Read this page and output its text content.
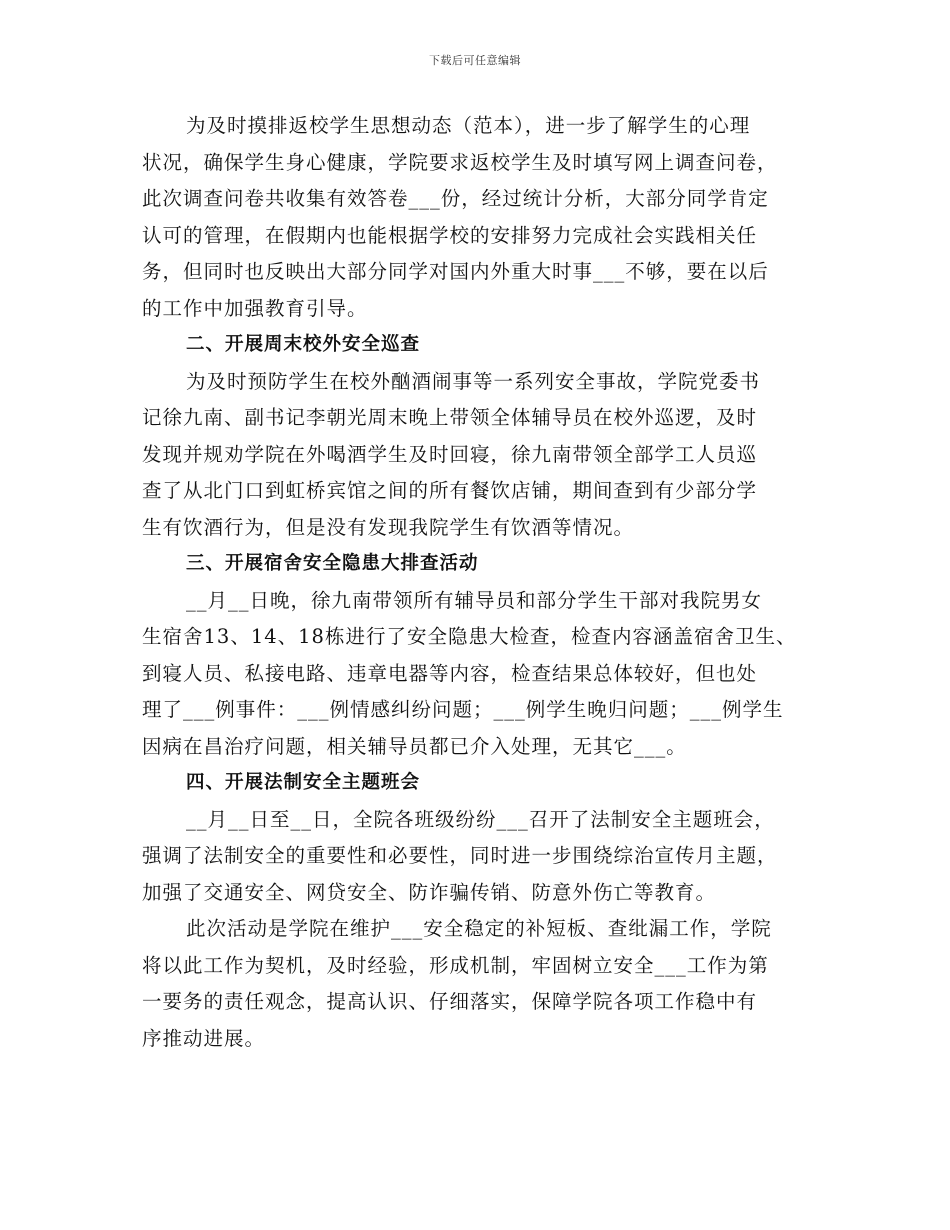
下载后可任意编辑
为及时摸排返校学生思想动态（范本），进一步了解学生的心理
状况，确保学生身心健康，学院要求返校学生及时填写网上调查问卷，
此次调查问卷共收集有效答卷___份，经过统计分析，大部分同学肯定
认可的管理，在假期内也能根据学校的安排努力完成社会实践相关任
务，但同时也反映出大部分同学对国内外重大时事___不够，要在以后
的工作中加强教育引导。
二、开展周末校外安全巡查
为及时预防学生在校外酗酒闹事等一系列安全事故，学院党委书
记徐九南、副书记李朝光周末晚上带领全体辅导员在校外巡逻，及时
发现并规劝学院在外喝酒学生及时回寝，徐九南带领全部学工人员巡
查了从北门口到虹桥宾馆之间的所有餐饮店铺，期间查到有少部分学
生有饮酒行为，但是没有发现我院学生有饮酒等情况。
三、开展宿舍安全隐患大排查活动
__月__日晚，徐九南带领所有辅导员和部分学生干部对我院男女
生宿舍13、14、18栋进行了安全隐患大检查，检查内容涵盖宿舍卫生、
到寝人员、私接电路、违章电器等内容，检查结果总体较好，但也处
理了___例事件：___例情感纠纷问题；___例学生晚归问题；___例学生
因病在昌治疗问题，相关辅导员都已介入处理，无其它___。
四、开展法制安全主题班会
__月__日至__日，全院各班级纷纷___召开了法制安全主题班会，
强调了法制安全的重要性和必要性，同时进一步围绕综治宣传月主题，
加强了交通安全、网贷安全、防诈骗传销、防意外伤亡等教育。
此次活动是学院在维护___安全稳定的补短板、查纰漏工作，学院
将以此工作为契机，及时经验，形成机制，牢固树立安全___工作为第
一要务的责任观念，提高认识、仔细落实，保障学院各项工作稳中有
序推动进展。
